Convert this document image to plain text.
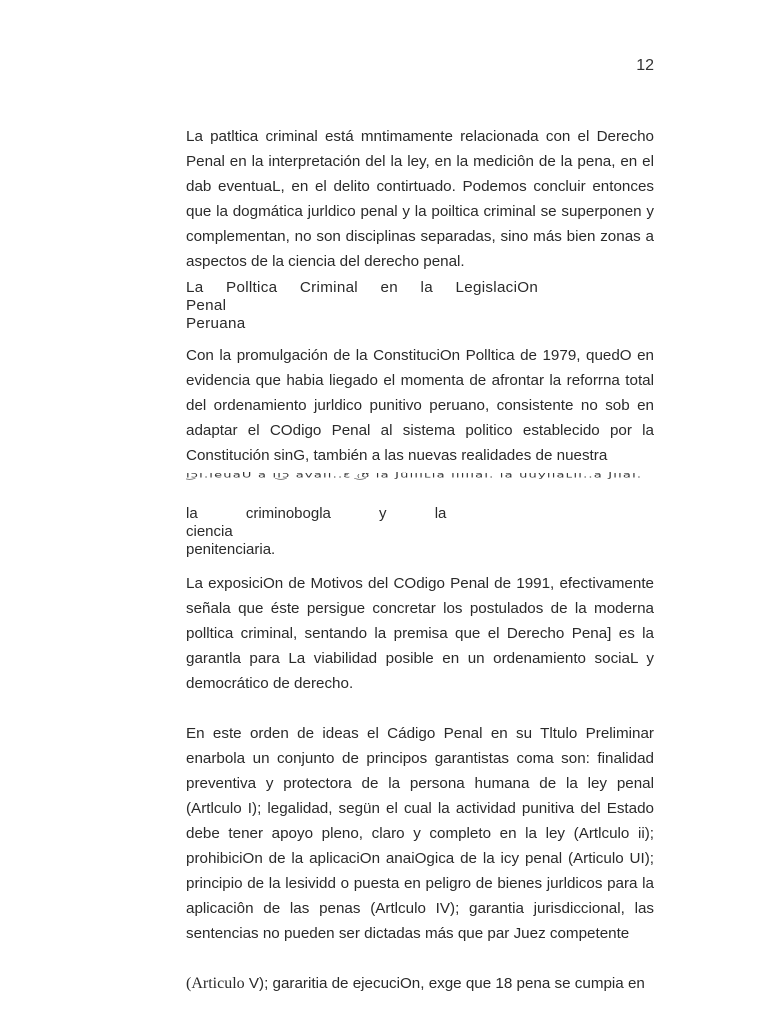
12

La patltica criminal está mntimamente relacionada con el Derecho Penal en la interpretación del la ley, en la mediciôn de la pena, en el dab eventuaL, en el delito contirtuado. Podemos concluir entonces que la dogmática jurldico penal y la poiltica criminal se superponen y complementan, no son disciplinas separadas, sino más bien zonas a aspectos de la ciencia del derecho penal.

La Polltica Criminal en la LegislaciOn Penal
Peruana

Con la promulgación de la ConstituciOn Polltica de 1979, quedO en evidencia que habia liegado el momenta de afrontar la reforrna total del ordenamiento jurldico punitivo peruano, consistente no sob en adaptar el COdigo Penal al sistema politico establecido por la Constitución sinG, también a las nuevas realidades de nuestra

ı͜ɔı.ıeuaU a ıı͜ɔ avaıı..ɛ ₍͜ʊ ıa Jüıııʟıa ıııııaı. ıa uuyııaʟıı..a Jııaı.
la criminobogla y la ciencia
penitenciaria.

La exposiciOn de Motivos del COdigo Penal de 1991, efectivamente señala que éste persigue concretar los postulados de la moderna polltica criminal, sentando la premisa que el Derecho Pena] es la garantla para La viabilidad posible en un ordenamiento sociaL y democrático de derecho.

En este orden de ideas el Cádigo Penal en su Tltulo Preliminar enarbola un conjunto de principos garantistas coma son: finalidad preventiva y protectora de la persona humana de la ley penal (Artlculo I); legalidad, segün el cual la actividad punitiva del Estado debe tener apoyo pleno, claro y completo en la ley (Artlculo ii); prohibiciOn de la aplicaciOn anaiOgica de la icy penal (Articulo UI); principio de la lesividd o puesta en peligro de bienes jurldicos para la aplicaciôn de las penas (Artlculo IV); garantia jurisdiccional, las sentencias no pueden ser dictadas más que par Juez competente

(Articulo V); gararitia de ejecuciOn, exge que 18 pena se cumpia en
